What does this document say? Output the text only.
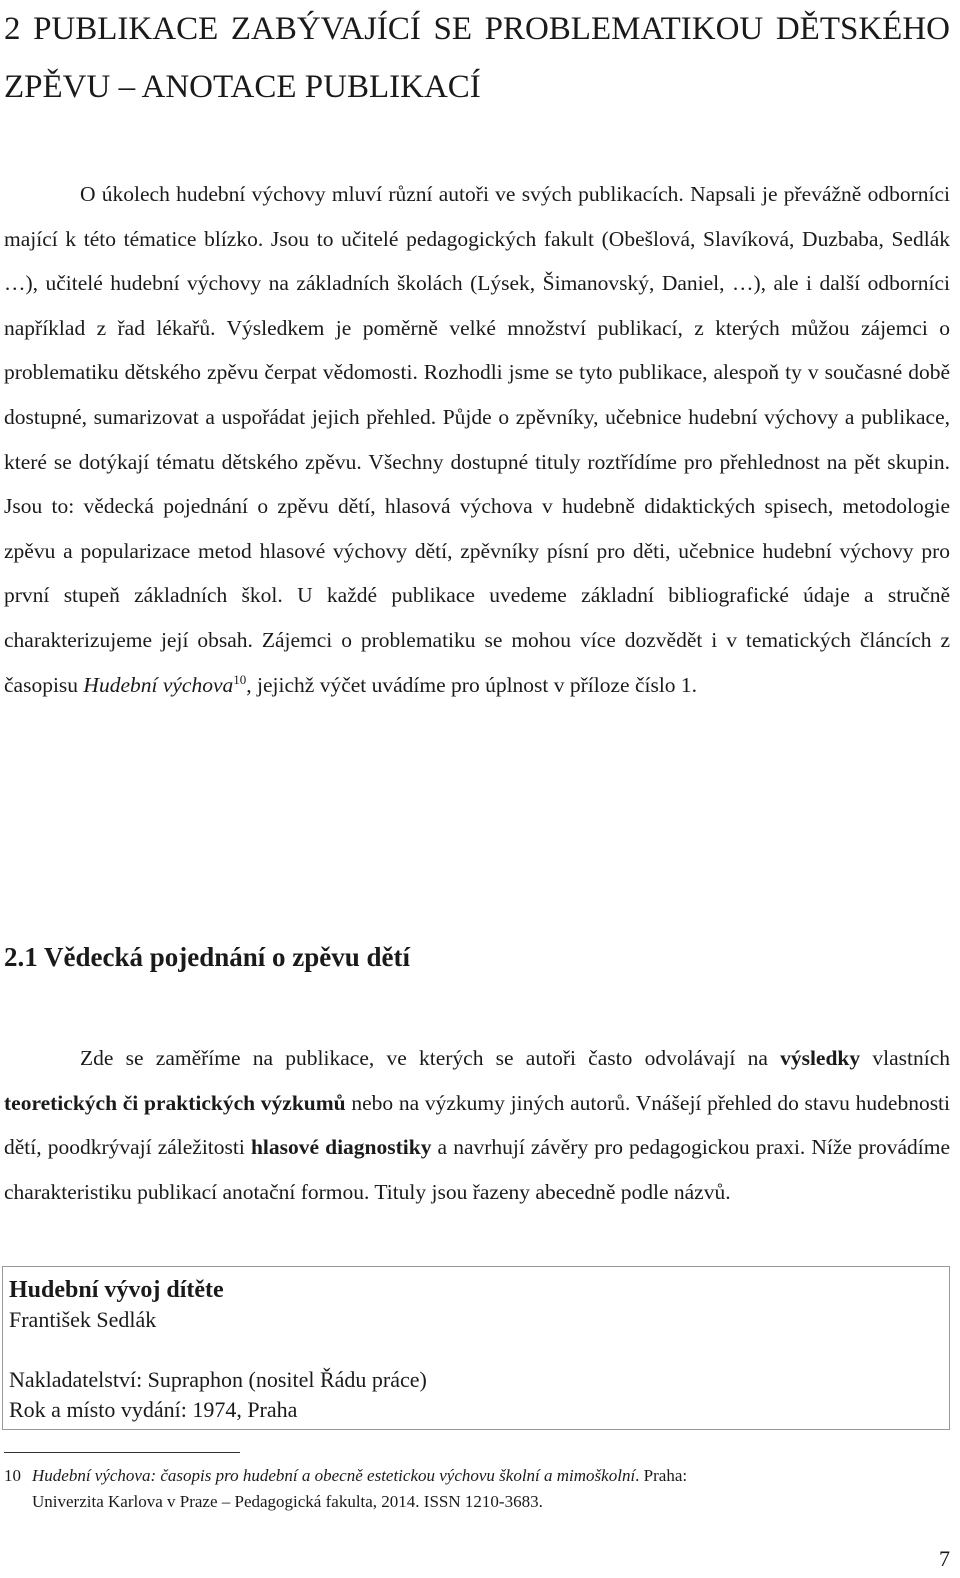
2 PUBLIKACE ZABÝVAJÍCÍ SE PROBLEMATIKOU DĚTSKÉHO ZPĚVU – ANOTACE PUBLIKACÍ

O úkolech hudební výchovy mluví různí autoři ve svých publikacích. Napsali je převážně odborníci mající k této tématice blízko. Jsou to učitelé pedagogických fakult (Obešlová, Slavíková, Duzbaba, Sedlák …), učitelé hudební výchovy na základních školách (Lýsek, Šimanovský, Daniel, …), ale i další odborníci například z řad lékařů. Výsledkem je poměrně velké množství publikací, z kterých můžou zájemci o problematiku dětského zpěvu čerpat vědomosti. Rozhodli jsme se tyto publikace, alespoň ty v současné době dostupné, sumarizovat a uspořádat jejich přehled. Půjde o zpěvníky, učebnice hudební výchovy a publikace, které se dotýkají tématu dětského zpěvu. Všechny dostupné tituly roztřídíme pro přehlednost na pět skupin. Jsou to: vědecká pojednání o zpěvu dětí, hlasová výchova v hudebně didaktických spisech, metodologie zpěvu a popularizace metod hlasové výchovy dětí, zpěvníky písní pro děti, učebnice hudební výchovy pro první stupeň základních škol. U každé publikace uvedeme základní bibliografické údaje a stručně charakterizujeme její obsah. Zájemci o problematiku se mohou více dozvědět i v tematických článcích z časopisu Hudební výchova$^{10}$, jejichž výčet uvádíme pro úplnost v příloze číslo 1.

2.1 Vědecká pojednání o zpěvu dětí

Zde se zaměříme na publikace, ve kterých se autoři často odvolávají na výsledky vlastních teoretických či praktických výzkumů nebo na výzkumy jiných autorů. Vnášejí přehled do stavu hudebnosti dětí, poodkrývají záležitosti hlasové diagnostiky a navrhují závěry pro pedagogickou praxi. Níže provádíme charakteristiku publikací anotační formou. Tituly jsou řazeny abecedně podle názvů.

Hudební vývoj dítěte
František Sedlák
Nakladatelství: Supraphon (nositel Řádu práce)
Rok a místo vydání: 1974, Praha
10 Hudební výchova: časopis pro hudební a obecně estetickou výchovu školní a mimoškolní. Praha:
Univerzita Karlova v Praze – Pedagogická fakulta, 2014. ISSN 1210-3683.
7
